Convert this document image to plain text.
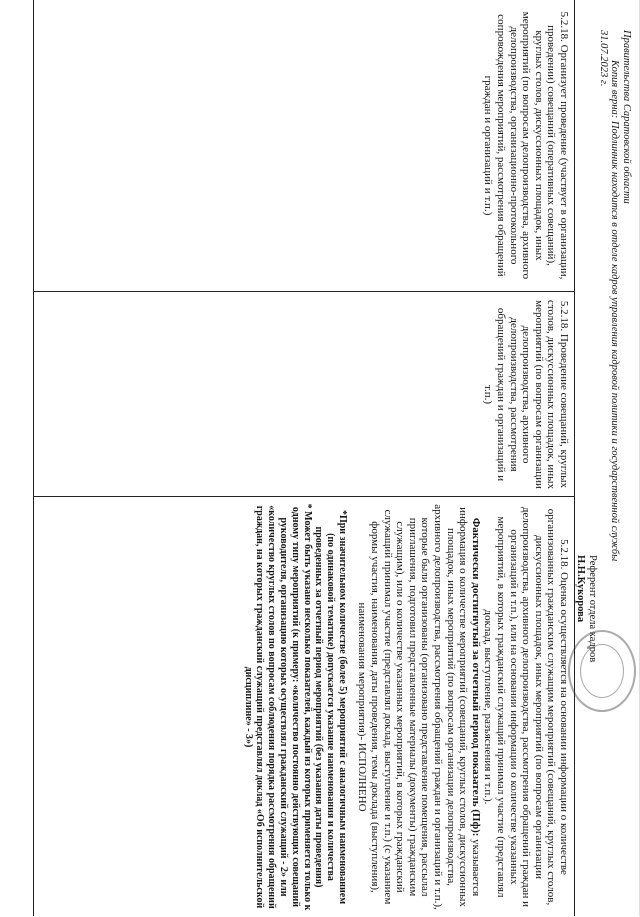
Правительства Саратовской области
Копия верна: Подлинник находится в отделе кадров управления кадровой политики и государственной службы
31.07.2023 г.
Референт отдела кадров
Н.Н.Кукорова
5.2.18. Организует проведение (участвует в организации, проведении) совещаний (оперативных совещаний), круглых столов, дискуссионных площадок, иных мероприятий (по вопросам делопроизводства, архивного делопроизводства, организационно-протокольного сопровождения мероприятий, рассмотрения обращений граждан и организаций и т.п.)
5.2.18. Проведение совещаний, круглых столов, дискуссионных площадок, иных мероприятий (по вопросам организации делопроизводства, архивного делопроизводства, рассмотрения обращений граждан и организаций и т.п.)

5.2.18. Оценка осуществляется на основании информации о количестве организованных гражданским служащим мероприятий (совещаний, круглых столов, дискуссионных площадок, иных мероприятий (по вопросам организации делопроизводства, архивного делопроизводства, рассмотрения обращений граждан и организаций и т.п.), или на основании информации о количестве указанных мероприятий, в которых гражданский служащий принимал участие (представлял доклад, выступление, разъяснения и т.п.).

Фактически достигнутый за отчетный период показатель (Пф): указывается информация о количестве мероприятий (совещаний, круглых столов, дискуссионных площадок, иных мероприятий (по вопросам организации делопроизводства, архивного делопроизводства, рассмотрения обращений граждан и организаций и т.п.), которые были организованы (организовано представление помещения, рассылал приглашения, подготовил представленные материалы (документы) гражданским служащим), или о количестве указанных мероприятий, в которых гражданский служащий принимал участие (представлял доклад, выступление и т.п.) (с указанием формы участия, наименования, даты проведения, темы доклада (выступления), наименования мероприятия)- ИСПОЛНЕНО

*При значительном количестве (более 5) мероприятий с аналогичным наименованием (по одинаковой тематике) допускается указание наименования и количества проведенных за отчетный период мероприятий (без указания даты проведения)

* Может быть указано несколько показателей, каждый из которых применяется только к одному типу мероприятий (к примеру: «количество постоянно действующих совещаний руководителя, организацию которых осуществлял гражданский служащий - 2» или «количество круглых столов по вопросам соблюдения порядка рассмотрения обращений граждан, на которых гражданский служащий представлял доклад «Об исполнительской дисциплине» - 3»)
